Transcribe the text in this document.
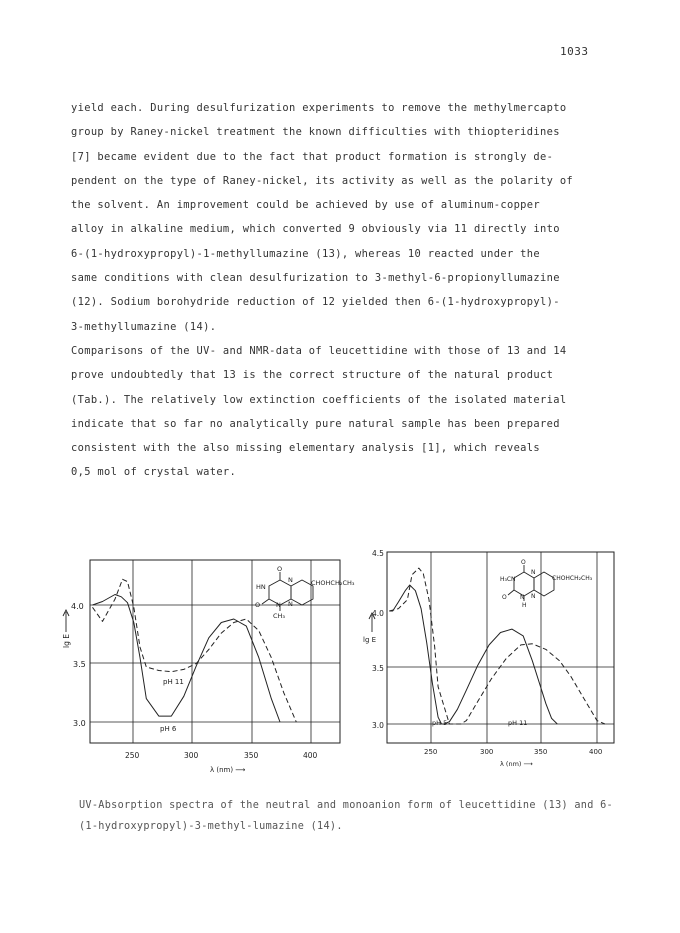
1033
yield each. During desulfurization experiments to remove the methylmercapto
group by Raney-nickel treatment the known difficulties with thiopteridines
[7] became evident due to the fact that product formation is strongly de-
pendent on the type of Raney-nickel, its activity as well as the polarity of
the solvent. An improvement could be achieved by use of aluminum-copper
alloy in alkaline medium, which converted 9 obviously via 11 directly into
6-(1-hydroxypropyl)-1-methyllumazine (13), whereas 10 reacted under the
same conditions with clean desulfurization to 3-methyl-6-propionyllumazine
(12). Sodium borohydride reduction of 12 yielded then 6-(1-hydroxypropyl)-
3-methyllumazine (14).
Comparisons of the UV- and NMR-data of leucettidine with those of 13 and 14
prove undoubtedly that 13 is the correct structure of the natural product
(Tab.). The relatively low extinction coefficients of the isolated material
indicate that so far no analytically pure natural sample has been prepared
consistent with the also missing elementary analysis [1], which reveals
0,5 mol of crystal water.
4.0
3.5
3.0
250	300	350	400
λ (nm) ⟶
lg E
pH 11
pH 6
O
HN
N
N
N
O
CHOHCH₂CH₃
CH₃
4.5
4.0
3.5
3.0
250	300	350	400
λ (nm) ⟶
lg E
pH 5	pH 11
O
H₃C N
N
N
N
O
H
CHOHCH₂CH₃
UV-Absorption spectra of the neutral and monoanion form of leucettidine (13) and 6-
(1-hydroxypropyl)-3-methyl-lumazine (14).
